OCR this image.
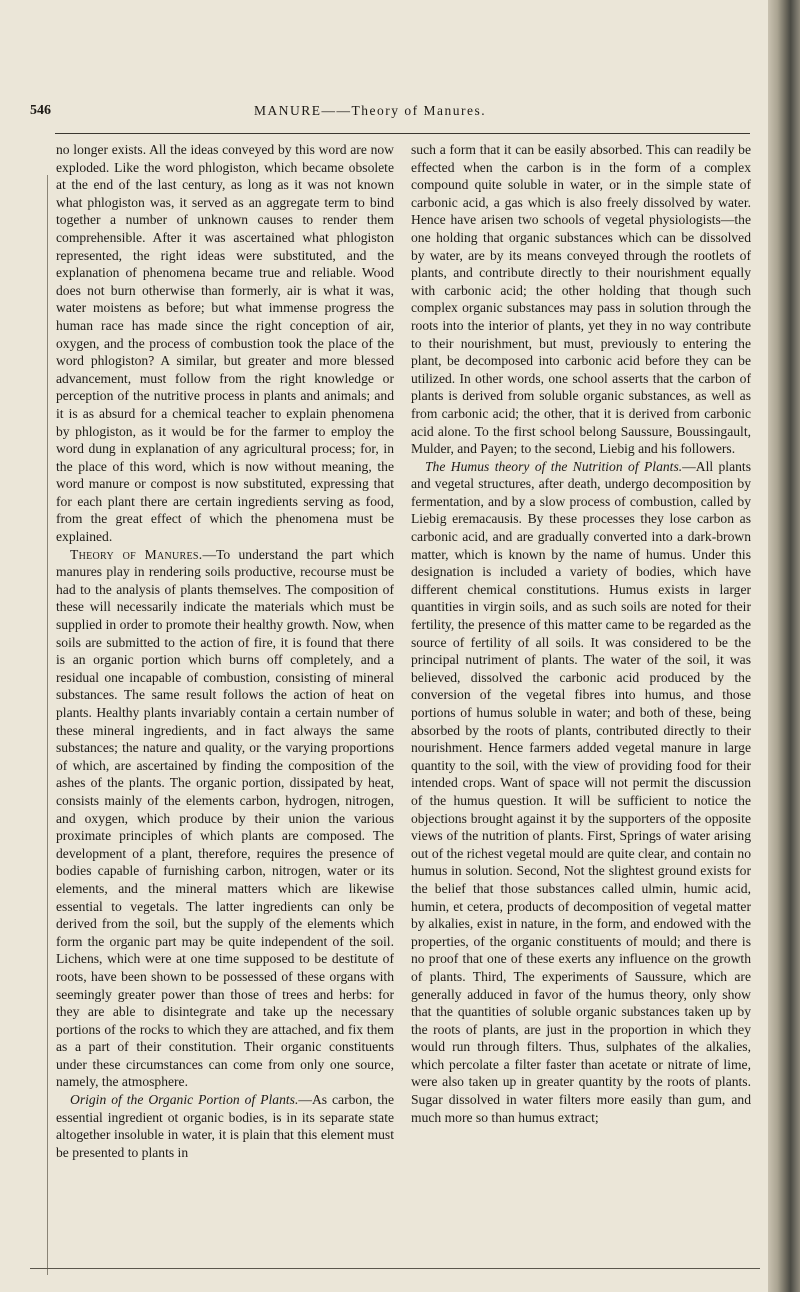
546	MANURE——Theory of Manures.

no longer exists. All the ideas conveyed by this word are now exploded. Like the word phlogiston, which became obsolete at the end of the last century, as long as it was not known what phlogiston was, it served as an aggregate term to bind together a number of unknown causes to render them comprehensible. After it was ascertained what phlogiston represented, the right ideas were substituted, and the explanation of phenomena became true and reliable. Wood does not burn otherwise than formerly, air is what it was, water moistens as before; but what immense progress the human race has made since the right conception of air, oxygen, and the process of combustion took the place of the word phlogiston? A similar, but greater and more blessed advancement, must follow from the right knowledge or perception of the nutritive process in plants and animals; and it is as absurd for a chemical teacher to explain phenomena by phlogiston, as it would be for the farmer to employ the word dung in explanation of any agricultural process; for, in the place of this word, which is now without meaning, the word manure or compost is now substituted, expressing that for each plant there are certain ingredients serving as food, from the great effect of which the phenomena must be explained.

Theory of Manures.—To understand the part which manures play in rendering soils productive, recourse must be had to the analysis of plants themselves. The composition of these will necessarily indicate the materials which must be supplied in order to promote their healthy growth. Now, when soils are submitted to the action of fire, it is found that there is an organic portion which burns off completely, and a residual one incapable of combustion, consisting of mineral substances. The same result follows the action of heat on plants. Healthy plants invariably contain a certain number of these mineral ingredients, and in fact always the same substances; the nature and quality, or the varying proportions of which, are ascertained by finding the composition of the ashes of the plants. The organic portion, dissipated by heat, consists mainly of the elements carbon, hydrogen, nitrogen, and oxygen, which produce by their union the various proximate principles of which plants are composed. The development of a plant, therefore, requires the presence of bodies capable of furnishing carbon, nitrogen, water or its elements, and the mineral matters which are likewise essential to vegetals. The latter ingredients can only be derived from the soil, but the supply of the elements which form the organic part may be quite independent of the soil. Lichens, which were at one time supposed to be destitute of roots, have been shown to be possessed of these organs with seemingly greater power than those of trees and herbs: for they are able to disintegrate and take up the necessary portions of the rocks to which they are attached, and fix them as a part of their constitution. Their organic constituents under these circumstances can come from only one source, namely, the atmosphere.

Origin of the Organic Portion of Plants.—As carbon, the essential ingredient ot organic bodies, is in its separate state altogether insoluble in water, it is plain that this element must be presented to plants in

such a form that it can be easily absorbed. This can readily be effected when the carbon is in the form of a complex compound quite soluble in water, or in the simple state of carbonic acid, a gas which is also freely dissolved by water. Hence have arisen two schools of vegetal physiologists—the one holding that organic substances which can be dissolved by water, are by its means conveyed through the rootlets of plants, and contribute directly to their nourishment equally with carbonic acid; the other holding that though such complex organic substances may pass in solution through the roots into the interior of plants, yet they in no way contribute to their nourishment, but must, previously to entering the plant, be decomposed into carbonic acid before they can be utilized. In other words, one school asserts that the carbon of plants is derived from soluble organic substances, as well as from carbonic acid; the other, that it is derived from carbonic acid alone. To the first school belong Saussure, Boussingault, Mulder, and Payen; to the second, Liebig and his followers.

The Humus theory of the Nutrition of Plants.—All plants and vegetal structures, after death, undergo decomposition by fermentation, and by a slow process of combustion, called by Liebig eremacausis. By these processes they lose carbon as carbonic acid, and are gradually converted into a dark-brown matter, which is known by the name of humus. Under this designation is included a variety of bodies, which have different chemical constitutions. Humus exists in larger quantities in virgin soils, and as such soils are noted for their fertility, the presence of this matter came to be regarded as the source of fertility of all soils. It was considered to be the principal nutriment of plants. The water of the soil, it was believed, dissolved the carbonic acid produced by the conversion of the vegetal fibres into humus, and those portions of humus soluble in water; and both of these, being absorbed by the roots of plants, contributed directly to their nourishment. Hence farmers added vegetal manure in large quantity to the soil, with the view of providing food for their intended crops. Want of space will not permit the discussion of the humus question. It will be sufficient to notice the objections brought against it by the supporters of the opposite views of the nutrition of plants. First, Springs of water arising out of the richest vegetal mould are quite clear, and contain no humus in solution. Second, Not the slightest ground exists for the belief that those substances called ulmin, humic acid, humin, et cetera, products of decomposition of vegetal matter by alkalies, exist in nature, in the form, and endowed with the properties, of the organic constituents of mould; and there is no proof that one of these exerts any influence on the growth of plants. Third, The experiments of Saussure, which are generally adduced in favor of the humus theory, only show that the quantities of soluble organic substances taken up by the roots of plants, are just in the proportion in which they would run through filters. Thus, sulphates of the alkalies, which percolate a filter faster than acetate or nitrate of lime, were also taken up in greater quantity by the roots of plants. Sugar dissolved in water filters more easily than gum, and much more so than humus extract;
